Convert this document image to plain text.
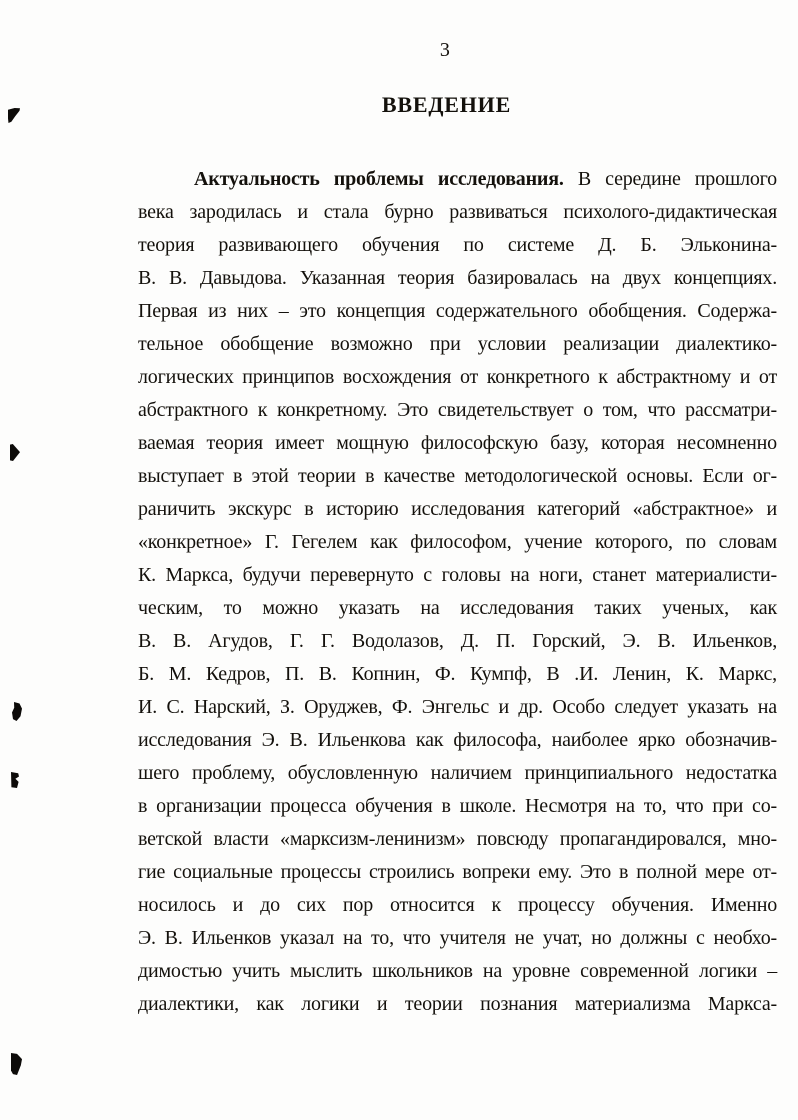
3
ВВЕДЕНИЕ
Актуальность проблемы исследования. В середине прошлого
века зародилась и стала бурно развиваться психолого-дидактическая
теория развивающего обучения по системе Д. Б. Эльконина-
В. В. Давыдова. Указанная теория базировалась на двух концепциях.
Первая из них – это концепция содержательного обобщения. Содержа-
тельное обобщение возможно при условии реализации диалектико-
логических принципов восхождения от конкретного к абстрактному и от
абстрактного к конкретному. Это свидетельствует о том, что рассматри-
ваемая теория имеет мощную философскую базу, которая несомненно
выступает в этой теории в качестве методологической основы. Если ог-
раничить экскурс в историю исследования категорий «абстрактное» и
«конкретное» Г. Гегелем как философом, учение которого, по словам
К. Маркса, будучи перевернуто с головы на ноги, станет материалисти-
ческим, то можно указать на исследования таких ученых, как
В. В. Агудов, Г. Г. Водолазов, Д. П. Горский, Э. В. Ильенков,
Б. М. Кедров, П. В. Копнин, Ф. Кумпф, В .И. Ленин, К. Маркс,
И. С. Нарский, З. Оруджев, Ф. Энгельс и др. Особо следует указать на
исследования Э. В. Ильенкова как философа, наиболее ярко обозначив-
шего проблему, обусловленную наличием принципиального недостатка
в организации процесса обучения в школе. Несмотря на то, что при со-
ветской власти «марксизм-ленинизм» повсюду пропагандировался, мно-
гие социальные процессы строились вопреки ему. Это в полной мере от-
носилось и до сих пор относится к процессу обучения. Именно
Э. В. Ильенков указал на то, что учителя не учат, но должны с необхо-
димостью учить мыслить школьников на уровне современной логики –
диалектики, как логики и теории познания материализма Маркса-
